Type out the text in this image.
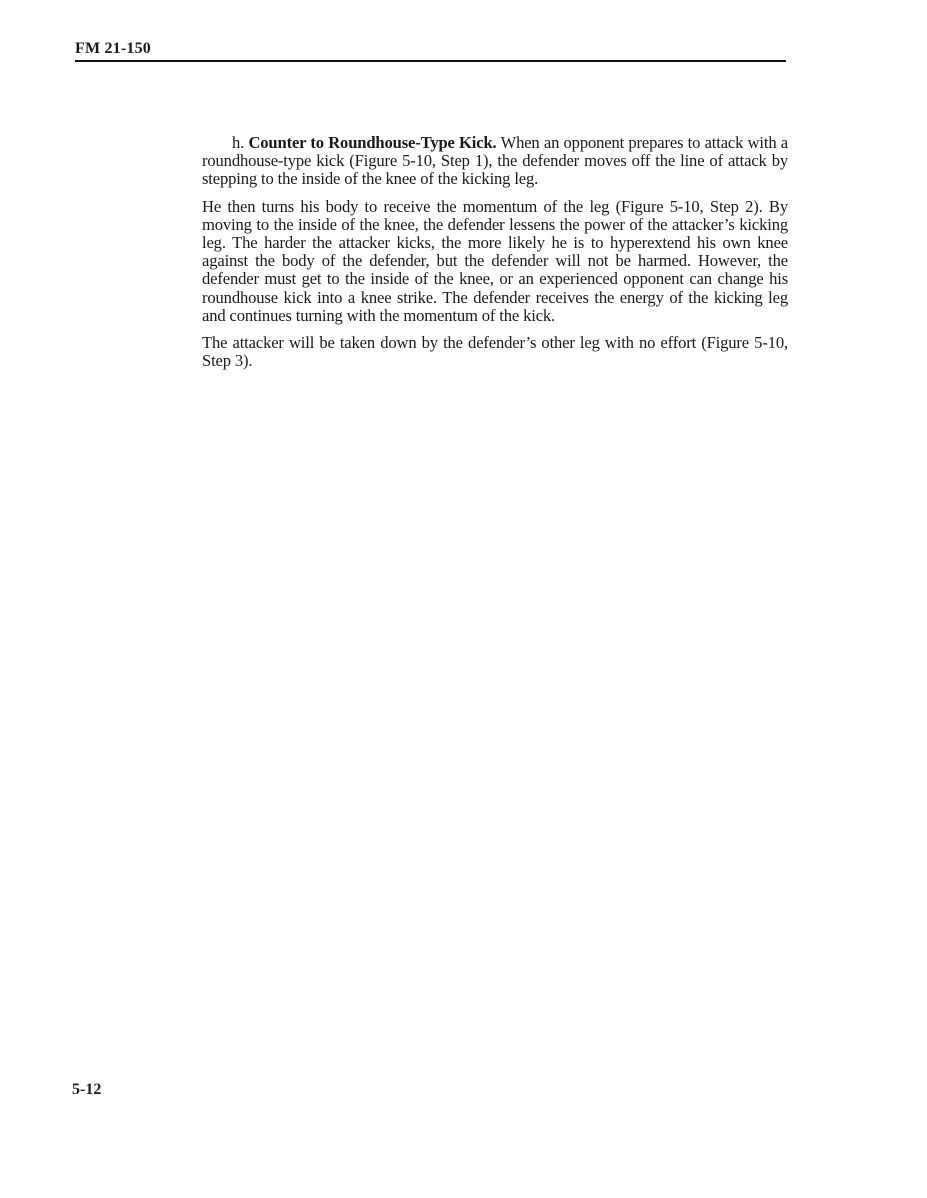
FM 21-150

h. Counter to Roundhouse-Type Kick. When an opponent prepares to attack with a roundhouse-type kick (Figure 5-10, Step 1), the defender moves off the line of attack by stepping to the inside of the knee of the kicking leg.

He then turns his body to receive the momentum of the leg (Figure 5-10, Step 2). By moving to the inside of the knee, the defender lessens the power of the attacker’s kicking leg. The harder the attacker kicks, the more likely he is to hyperextend his own knee against the body of the defender, but the defender will not be harmed. However, the defender must get to the inside of the knee, or an experienced opponent can change his roundhouse kick into a knee strike. The defender receives the energy of the kicking leg and continues turning with the momentum of the kick.

The attacker will be taken down by the defender’s other leg with no effort (Figure 5-10, Step 3).

5-12
